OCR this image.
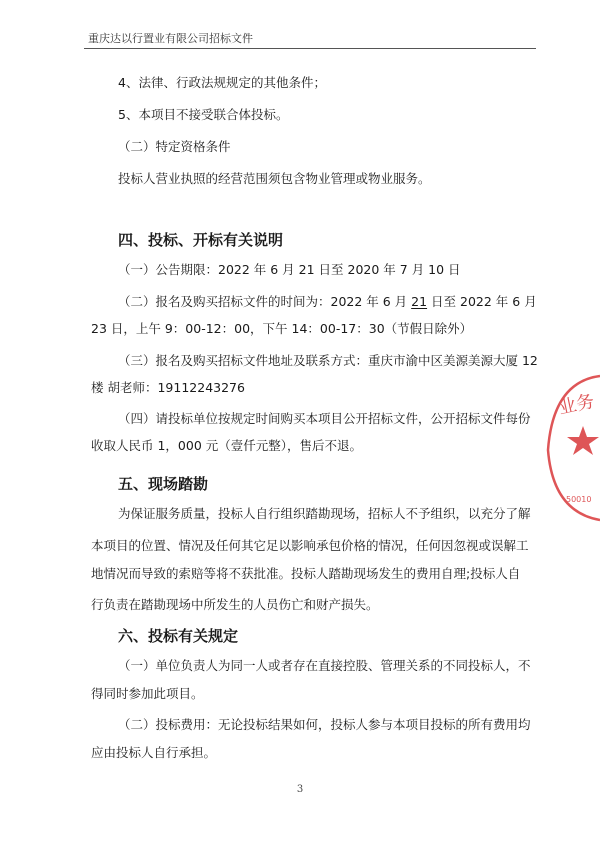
重庆达以行置业有限公司招标文件
4、法律、行政法规规定的其他条件；
5、本项目不接受联合体投标。
（二）特定资格条件
投标人营业执照的经营范围须包含物业管理或物业服务。
四、投标、开标有关说明
（一）公告期限：2022 年 6 月 21 日至 2020 年 7 月 10 日
（二）报名及购买招标文件的时间为：2022 年 6 月 21 日至 2022 年 6 月
23 日，上午 9：00-12：00，下午 14：00-17：30（节假日除外）
（三）报名及购买招标文件地址及联系方式：重庆市渝中区美源美源大厦 12
楼 胡老师：19112243276
（四）请投标单位按规定时间购买本项目公开招标文件，公开招标文件每份
收取人民币 1，000 元（壹仟元整），售后不退。
五、现场踏勘
为保证服务质量，投标人自行组织踏勘现场，招标人不予组织，以充分了解
本项目的位置、情况及任何其它足以影响承包价格的情况，任何因忽视或误解工
地情况而导致的索赔等将不获批准。投标人踏勘现场发生的费用自理;投标人自
行负责在踏勘现场中所发生的人员伤亡和财产损失。
六、投标有关规定
（一）单位负责人为同一人或者存在直接控股、管理关系的不同投标人，不
得同时参加此项目。
（二）投标费用：无论投标结果如何，投标人参与本项目投标的所有费用均
应由投标人自行承担。
3
业务
50010
